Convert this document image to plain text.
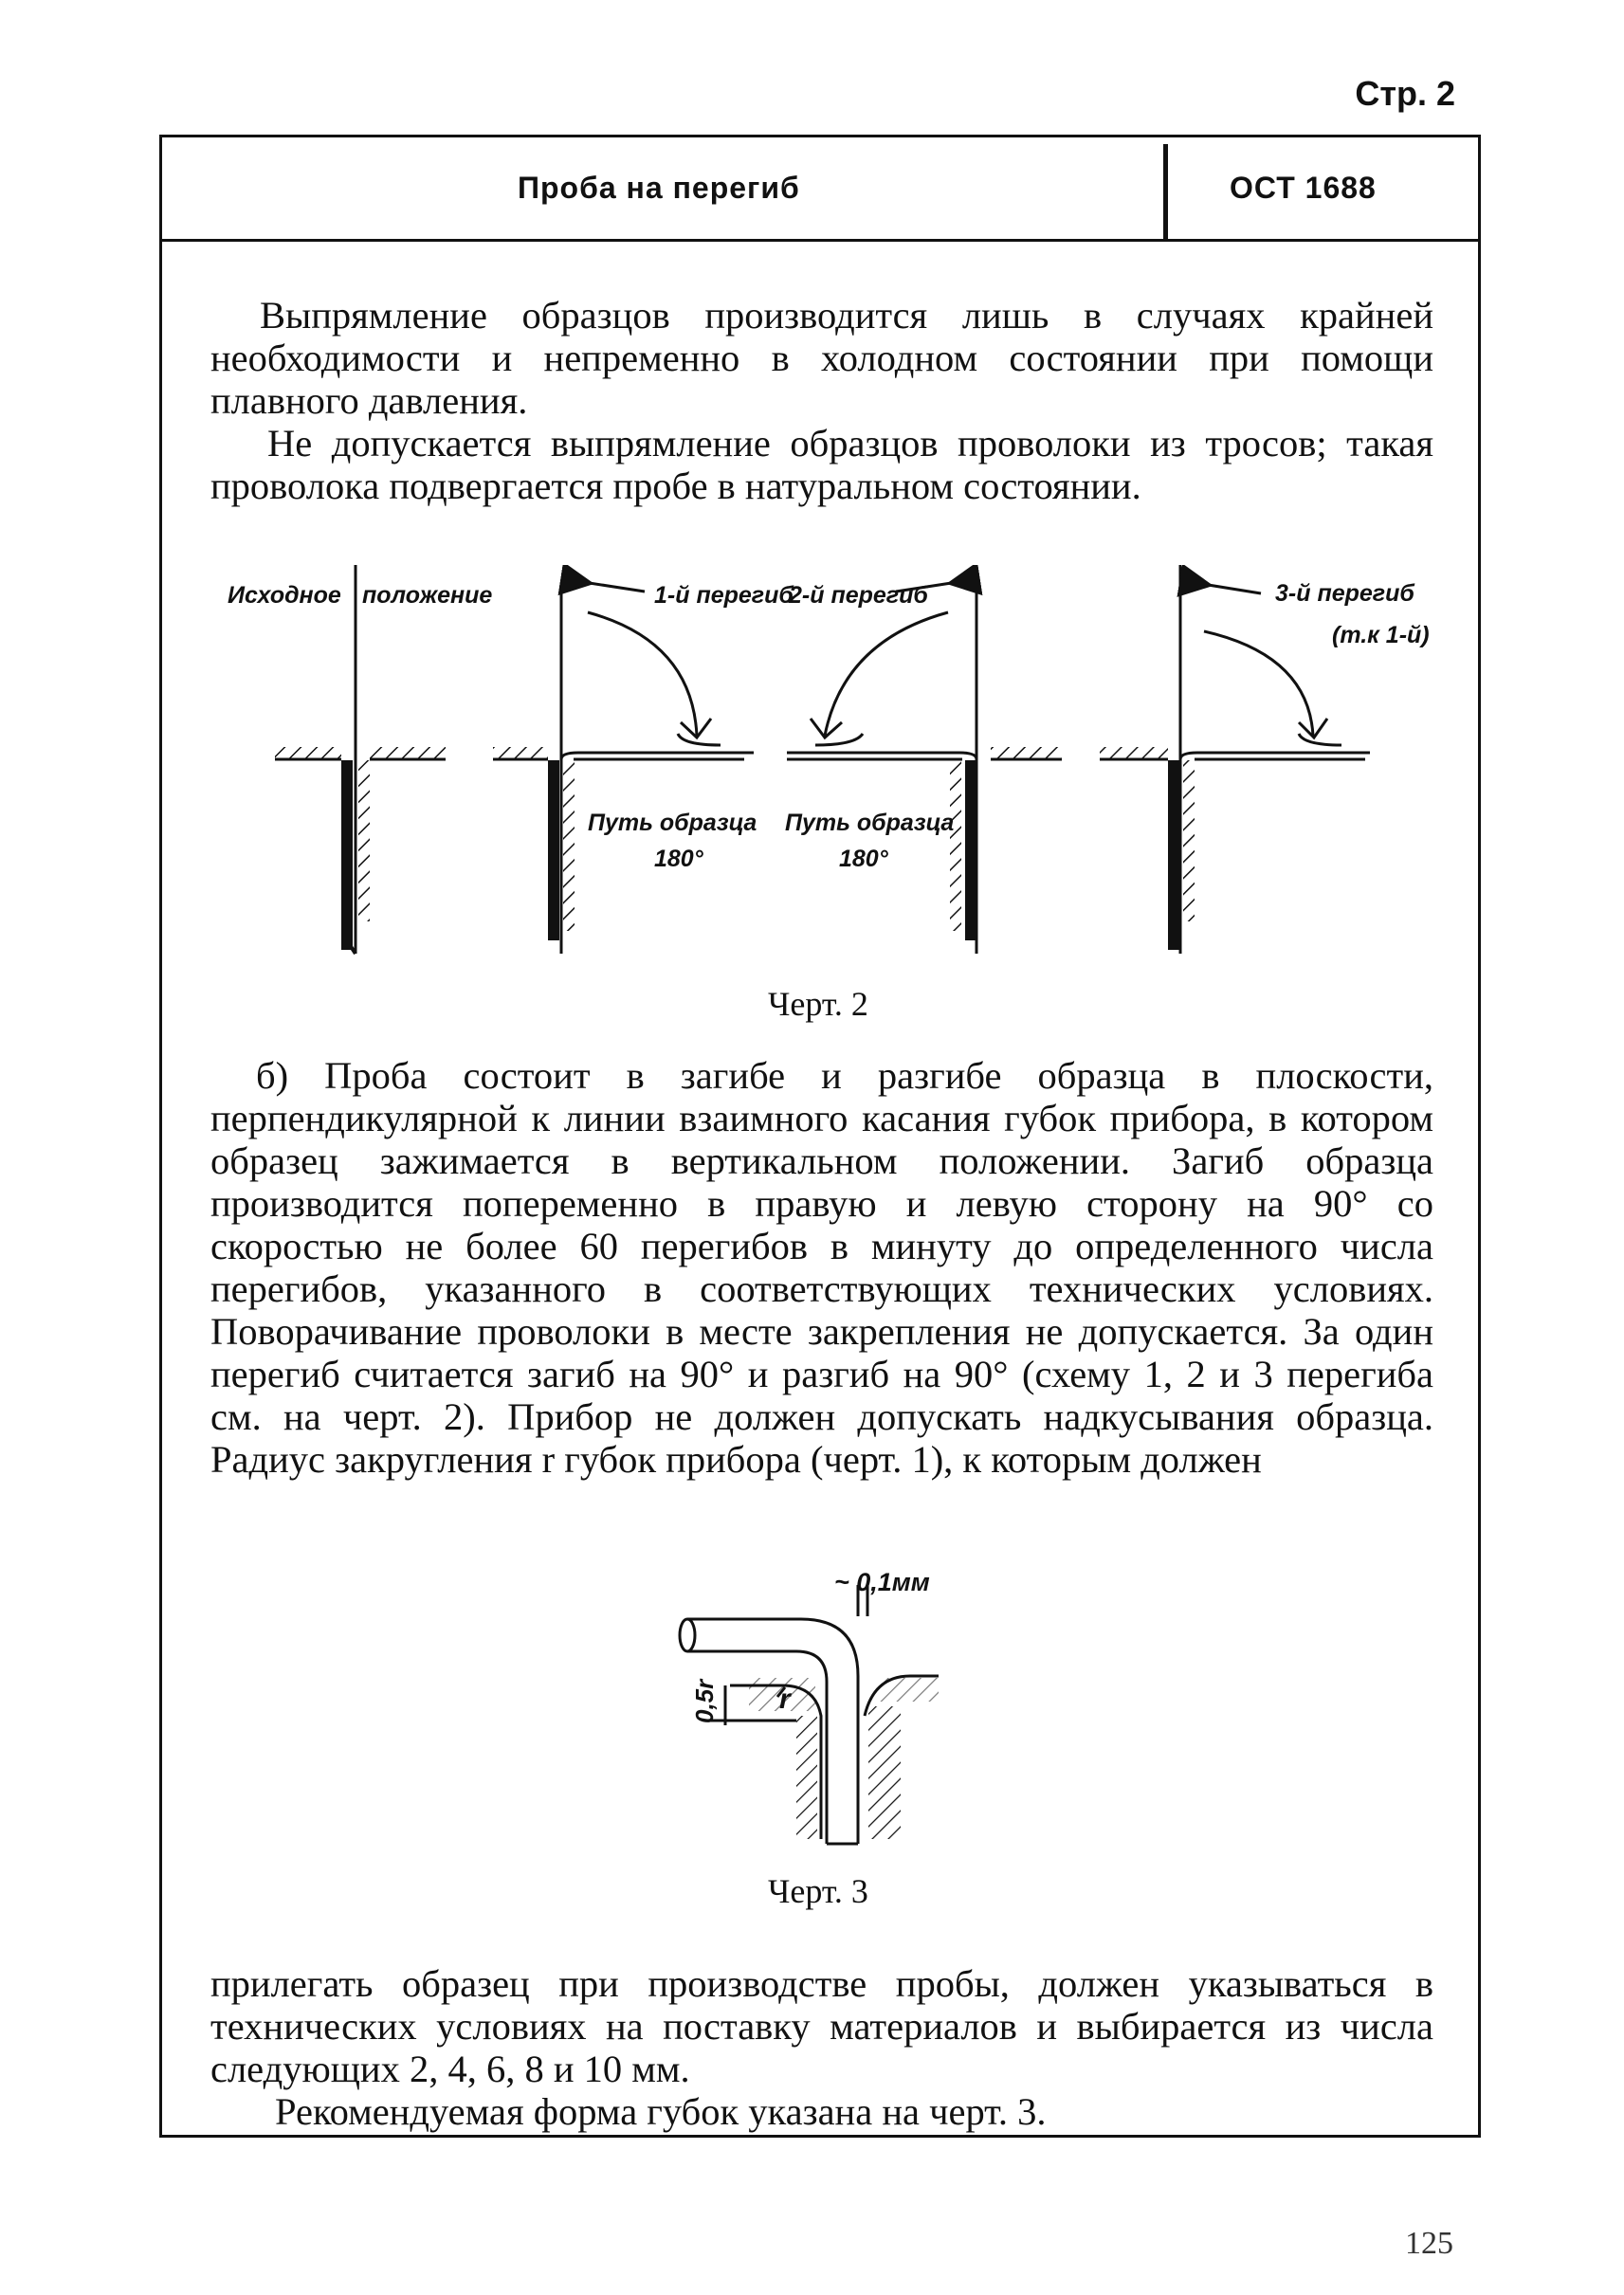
Стр. 2
Проба на перегиб	ОСТ 1688

Выпрямление образцов производится лишь в случаях крайней необходимости и непременно в холодном состоянии при помощи плавного давления.

Не допускается выпрямление образцов проволоки из тросов; такая проволока подвергается пробе в натуральном состоянии.

Исходное положение	1-й перегиб
2-й перегиб	3-й перегиб
(т.к 1-й)
Путь образца
180°
Путь образца
180°
Черт. 2

б) Проба состоит в загибе и разгибе образца в плоскости, перпендикулярной к линии взаимного касания губок прибора, в котором образец зажимается в вертикальном положении. Загиб образца производится попеременно в правую и левую сторону на 90° со скоростью не более 60 перегибов в минуту до определенного числа перегибов, указанного в соответствующих технических условиях. Поворачивание проволоки в месте закрепления не допускается. За один перегиб считается загиб на 90° и разгиб на 90° (схему 1, 2 и 3 перегиба см. на черт. 2). Прибор не должен допускать надкусывания образца. Радиус закругления r губок прибора (черт. 1), к которым должен

~ 0,1мм
r
0,5r
Черт. 3

прилегать образец при производстве пробы, должен указываться в технических условиях на поставку материалов и выбирается из числа следующих 2, 4, 6, 8 и 10 мм.

Рекомендуемая форма губок указана на черт. 3.

125
